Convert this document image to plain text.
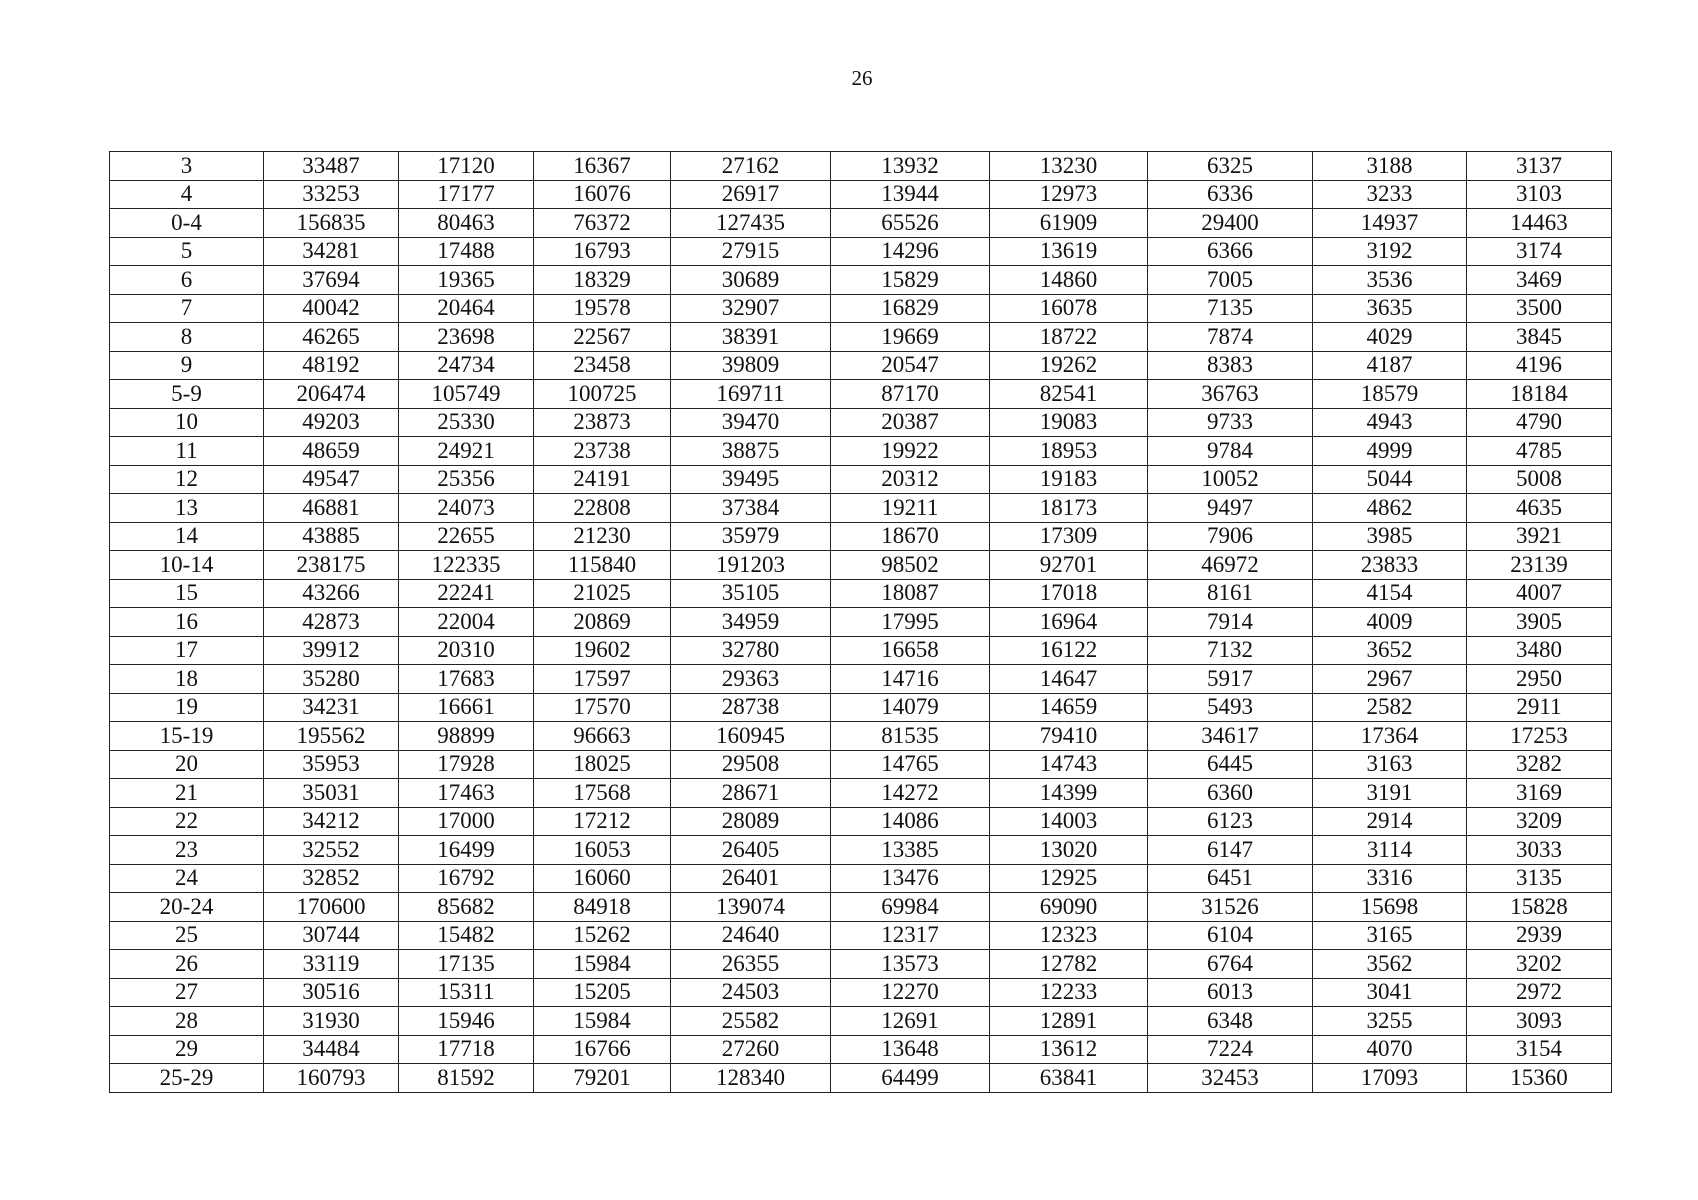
26
3	33487	17120	16367	27162	13932	13230	6325	3188	3137
4	33253	17177	16076	26917	13944	12973	6336	3233	3103
0-4	156835	80463	76372	127435	65526	61909	29400	14937	14463
5	34281	17488	16793	27915	14296	13619	6366	3192	3174
6	37694	19365	18329	30689	15829	14860	7005	3536	3469
7	40042	20464	19578	32907	16829	16078	7135	3635	3500
8	46265	23698	22567	38391	19669	18722	7874	4029	3845
9	48192	24734	23458	39809	20547	19262	8383	4187	4196
5-9	206474	105749	100725	169711	87170	82541	36763	18579	18184
10	49203	25330	23873	39470	20387	19083	9733	4943	4790
11	48659	24921	23738	38875	19922	18953	9784	4999	4785
12	49547	25356	24191	39495	20312	19183	10052	5044	5008
13	46881	24073	22808	37384	19211	18173	9497	4862	4635
14	43885	22655	21230	35979	18670	17309	7906	3985	3921
10-14	238175	122335	115840	191203	98502	92701	46972	23833	23139
15	43266	22241	21025	35105	18087	17018	8161	4154	4007
16	42873	22004	20869	34959	17995	16964	7914	4009	3905
17	39912	20310	19602	32780	16658	16122	7132	3652	3480
18	35280	17683	17597	29363	14716	14647	5917	2967	2950
19	34231	16661	17570	28738	14079	14659	5493	2582	2911
15-19	195562	98899	96663	160945	81535	79410	34617	17364	17253
20	35953	17928	18025	29508	14765	14743	6445	3163	3282
21	35031	17463	17568	28671	14272	14399	6360	3191	3169
22	34212	17000	17212	28089	14086	14003	6123	2914	3209
23	32552	16499	16053	26405	13385	13020	6147	3114	3033
24	32852	16792	16060	26401	13476	12925	6451	3316	3135
20-24	170600	85682	84918	139074	69984	69090	31526	15698	15828
25	30744	15482	15262	24640	12317	12323	6104	3165	2939
26	33119	17135	15984	26355	13573	12782	6764	3562	3202
27	30516	15311	15205	24503	12270	12233	6013	3041	2972
28	31930	15946	15984	25582	12691	12891	6348	3255	3093
29	34484	17718	16766	27260	13648	13612	7224	4070	3154
25-29	160793	81592	79201	128340	64499	63841	32453	17093	15360
